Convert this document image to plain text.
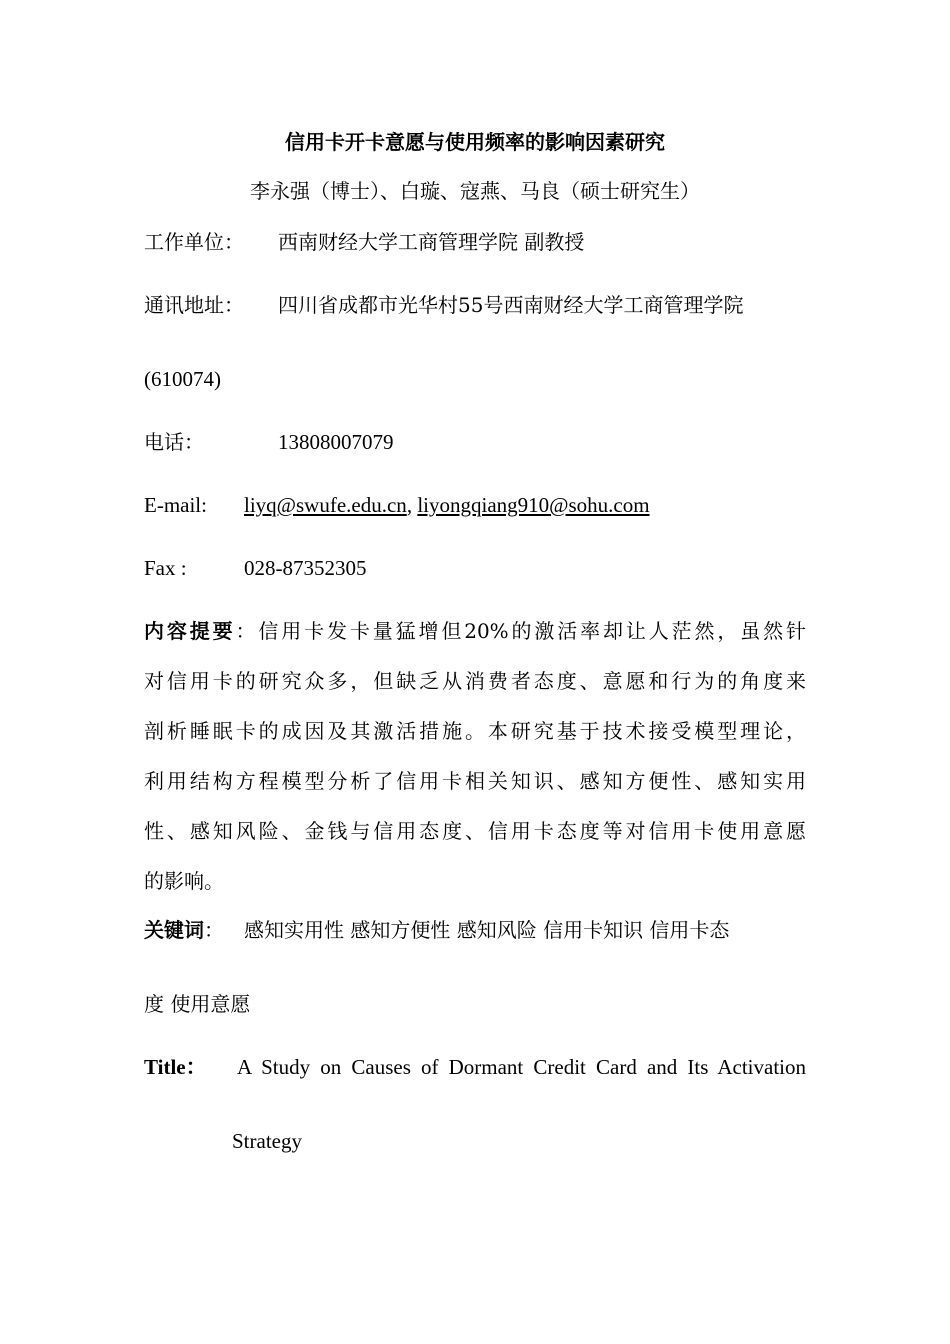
信用卡开卡意愿与使用频率的影响因素研究
李永强（博士）、白璇、寇燕、马良（硕士研究生）
工作单位： 西南财经大学工商管理学院 副教授
通讯地址： 四川省成都市光华村55号西南财经大学工商管理学院
(610074)
电话：	13808007079
E-mail: liyq@swufe.edu.cn, liyongqiang910@sohu.com
Fax :	028-87352305

内容提要：信用卡发卡量猛增但20%的激活率却让人茫然，虽然针

对信用卡的研究众多，但缺乏从消费者态度、意愿和行为的角度来

剖析睡眠卡的成因及其激活措施。本研究基于技术接受模型理论，

利用结构方程模型分析了信用卡相关知识、感知方便性、感知实用

性、感知风险、金钱与信用态度、信用卡态度等对信用卡使用意愿

的影响。

关键词： 感知实用性 感知方便性 感知风险 信用卡知识 信用卡态
度 使用意愿
Title： A Study on Causes of Dormant Credit Card and Its Activation
Strategy
